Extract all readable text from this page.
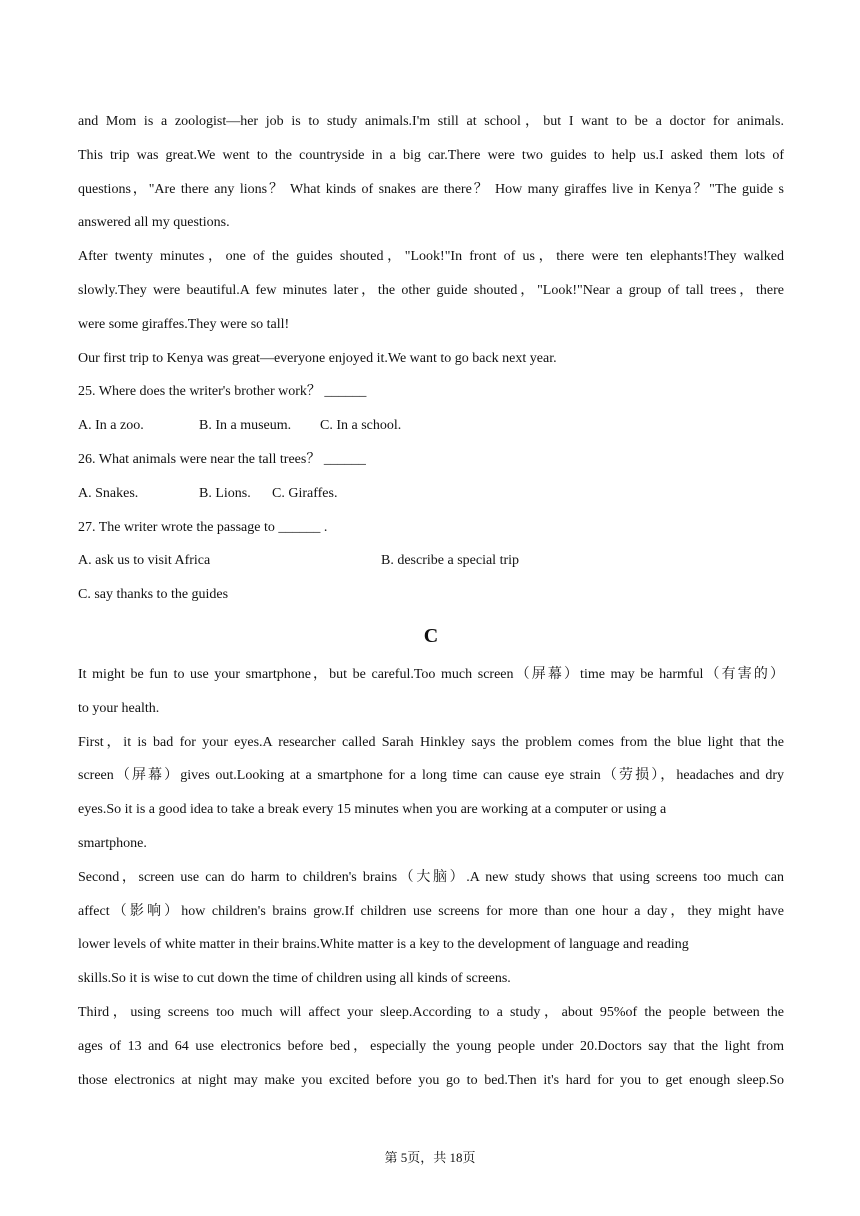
and Mom is a zoologist—her job is to study animals.I'm still at school，but I want to be a doctor for animals.
This trip was great.We went to the countryside in a big car.There were two guides to help us.I asked them lots of
questions，"Are there any lions？ What kinds of snakes are there？ How many giraffes live in Kenya？"The guide s
answered all my questions.
After twenty minutes，one of the guides shouted，"Look!"In front of us，there were ten elephants!They walked
slowly.They were beautiful.A few minutes later，the other guide shouted，"Look!"Near a group of tall trees，there
were some giraffes.They were so tall!
Our first trip to Kenya was great—everyone enjoyed it.We want to go back next year.
25. Where does the writer's brother work？ ______
A. In a zoo.	B. In a museum.	C. In a school.
26. What animals were near the tall trees？ ______
A. Snakes.	B. Lions.	C. Giraffes.
27. The writer wrote the passage to ______ .
A. ask us to visit Africa	B. describe a special trip
C. say thanks to the guides
C
It might be fun to use your smartphone，but be careful.Too much screen（屏幕）time may be harmful（有害的）
to your health.
First，it is bad for your eyes.A researcher called Sarah Hinkley says the problem comes from the blue light that the
screen（屏幕）gives out.Looking at a smartphone for a long time can cause eye strain（劳损），headaches and dry
eyes.So it is a good idea to take a break every 15 minutes when you are working at a computer or using a
smartphone.
Second，screen use can do harm to children's brains（大脑）.A new study shows that using screens too much can
affect（影响）how children's brains grow.If children use screens for more than one hour a day，they might have
lower levels of white matter in their brains.White matter is a key to the development of language and reading
skills.So it is wise to cut down the time of children using all kinds of screens.
Third，using screens too much will affect your sleep.According to a study，about 95%of the people between the
ages of 13 and 64 use electronics before bed，especially the young people under 20.Doctors say that the light from
those electronics at night may make you excited before you go to bed.Then it's hard for you to get enough sleep.So
第 5页，共 18页
